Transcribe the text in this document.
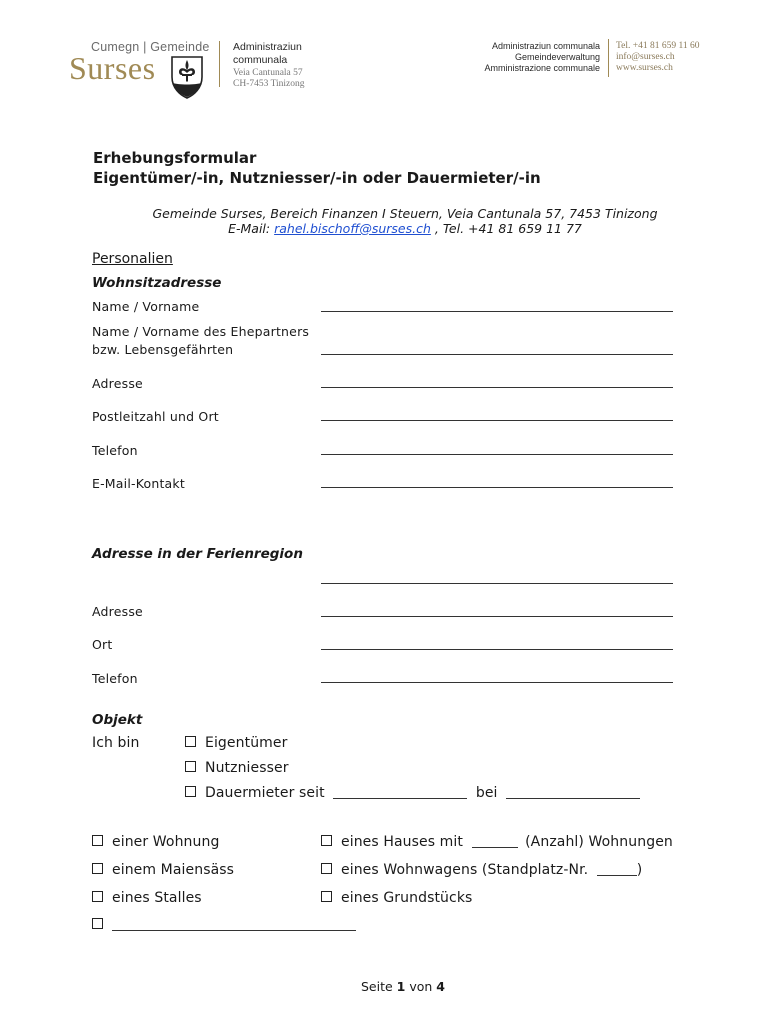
Cumegn | Gemeinde
Surses
Administraziun
communala
Veia Cantunala 57
CH-7453 Tinizong
Administraziun communala
Gemeindeverwaltung
Amministrazione communale
Tel. +41 81 659 11 60
info@surses.ch
www.surses.ch
Erhebungsformular
Eigentümer/-in, Nutzniesser/-in oder Dauermieter/-in
Gemeinde Surses, Bereich Finanzen I Steuern, Veia Cantunala 57, 7453 Tinizong
E-Mail: rahel.bischoff@surses.ch , Tel. +41 81 659 11 77
Personalien
Wohnsitzadresse
Name / Vorname
Name / Vorname des Ehepartners
bzw. Lebensgefährten
Adresse
Postleitzahl und Ort
Telefon
E-Mail-Kontakt
Adresse in der Ferienregion
Adresse
Ort
Telefon
Objekt
Ich bin	Eigentümer
Nutzniesser
Dauermieter seit	bei
einer Wohnung	eines Hauses mit	(Anzahl) Wohnungen
einem Maiensäss	eines Wohnwagens (Standplatz-Nr.	)
eines Stalles	eines Grundstücks
Seite 1 von 4
